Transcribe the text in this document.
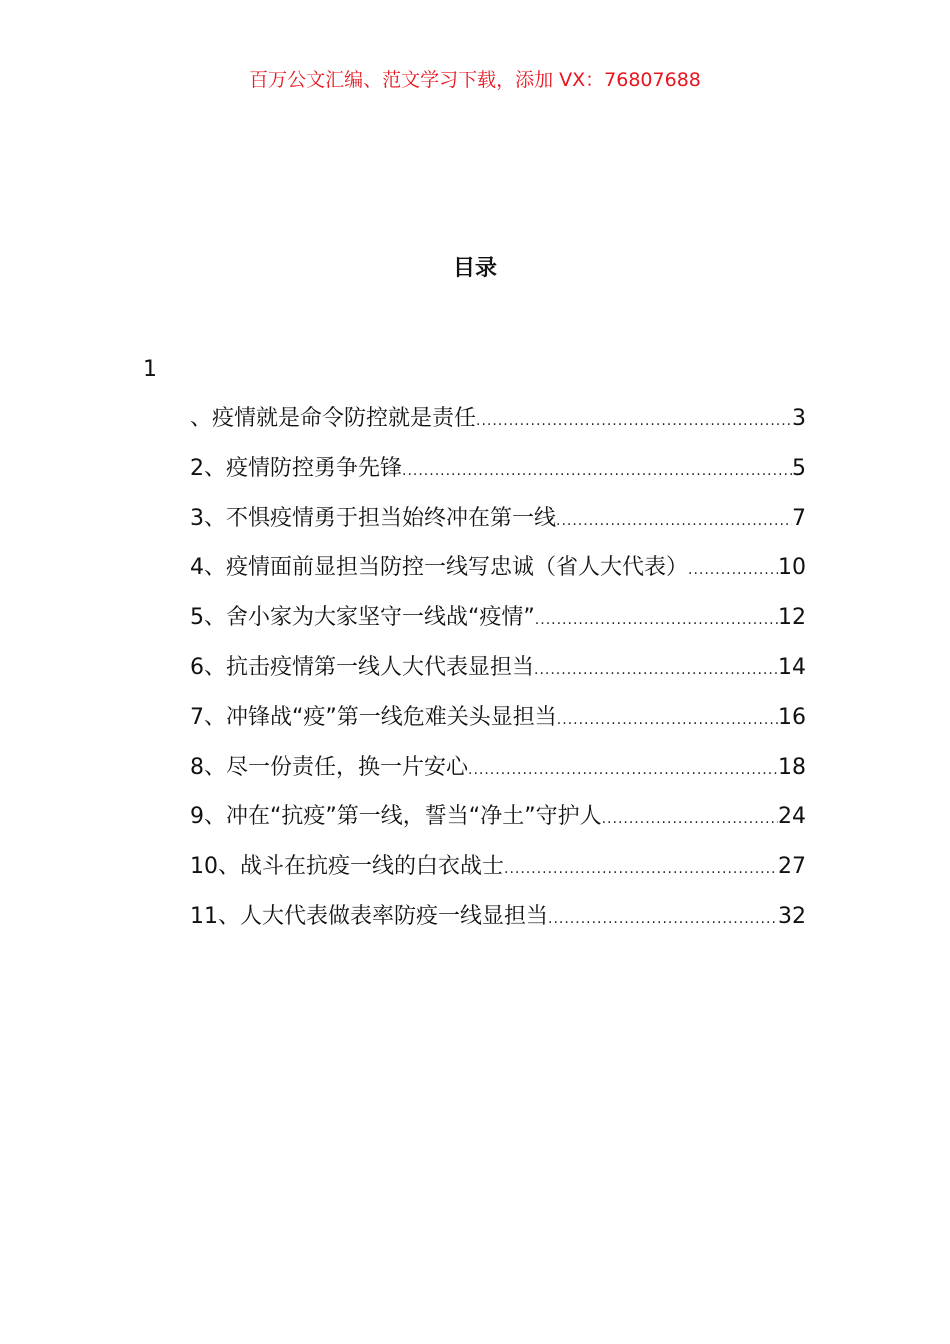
百万公文汇编、范文学习下载，添加 VX：76807688
目录
1
、疫情就是命令防控就是责任 .....	3
2、疫情防控勇争先锋 .....	5
3、不惧疫情勇于担当始终冲在第一线 .....	7
4、疫情面前显担当防控一线写忠诚（省人大代表） .....	10
5、舍小家为大家坚守一线战“疫情” .....	12
6、抗击疫情第一线人大代表显担当 .....	14
7、冲锋战“疫”第一线危难关头显担当 .....	16
8、尽一份责任，换一片安心 .....	18
9、冲在“抗疫”第一线，誓当“净土”守护人 .....	24
10、战斗在抗疫一线的白衣战士 .....	27
11、人大代表做表率防疫一线显担当 .....	32
